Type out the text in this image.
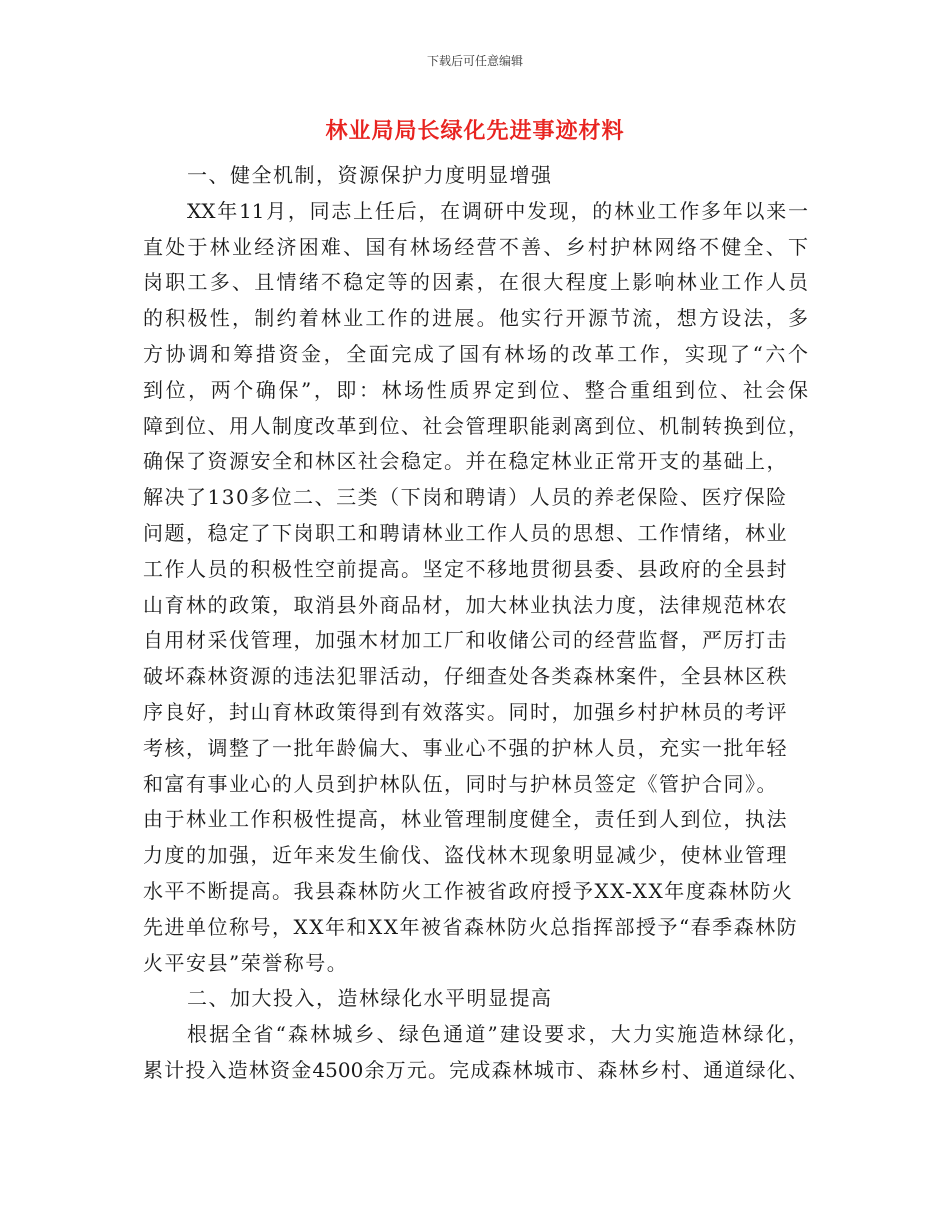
下载后可任意编辑
林业局局长绿化先进事迹材料
一、健全机制，资源保护力度明显增强
XX年11月，同志上任后，在调研中发现，的林业工作多年以来一
直处于林业经济困难、国有林场经营不善、乡村护林网络不健全、下
岗职工多、且情绪不稳定等的因素，在很大程度上影响林业工作人员
的积极性，制约着林业工作的进展。他实行开源节流，想方设法，多
方协调和筹措资金，全面完成了国有林场的改革工作，实现了“六个
到位，两个确保”，即：林场性质界定到位、整合重组到位、社会保
障到位、用人制度改革到位、社会管理职能剥离到位、机制转换到位，
确保了资源安全和林区社会稳定。并在稳定林业正常开支的基础上，
解决了130多位二、三类（下岗和聘请）人员的养老保险、医疗保险
问题，稳定了下岗职工和聘请林业工作人员的思想、工作情绪，林业
工作人员的积极性空前提高。坚定不移地贯彻县委、县政府的全县封
山育林的政策，取消县外商品材，加大林业执法力度，法律规范林农
自用材采伐管理，加强木材加工厂和收储公司的经营监督，严厉打击
破坏森林资源的违法犯罪活动，仔细查处各类森林案件，全县林区秩
序良好，封山育林政策得到有效落实。同时，加强乡村护林员的考评
考核，调整了一批年龄偏大、事业心不强的护林人员，充实一批年轻
和富有事业心的人员到护林队伍，同时与护林员签定《管护合同》。
由于林业工作积极性提高，林业管理制度健全，责任到人到位，执法
力度的加强，近年来发生偷伐、盗伐林木现象明显减少，使林业管理
水平不断提高。我县森林防火工作被省政府授予XX-XX年度森林防火
先进单位称号，XX年和XX年被省森林防火总指挥部授予“春季森林防
火平安县”荣誉称号。
二、加大投入，造林绿化水平明显提高
根据全省“森林城乡、绿色通道”建设要求，大力实施造林绿化，
累计投入造林资金4500余万元。完成森林城市、森林乡村、通道绿化、
